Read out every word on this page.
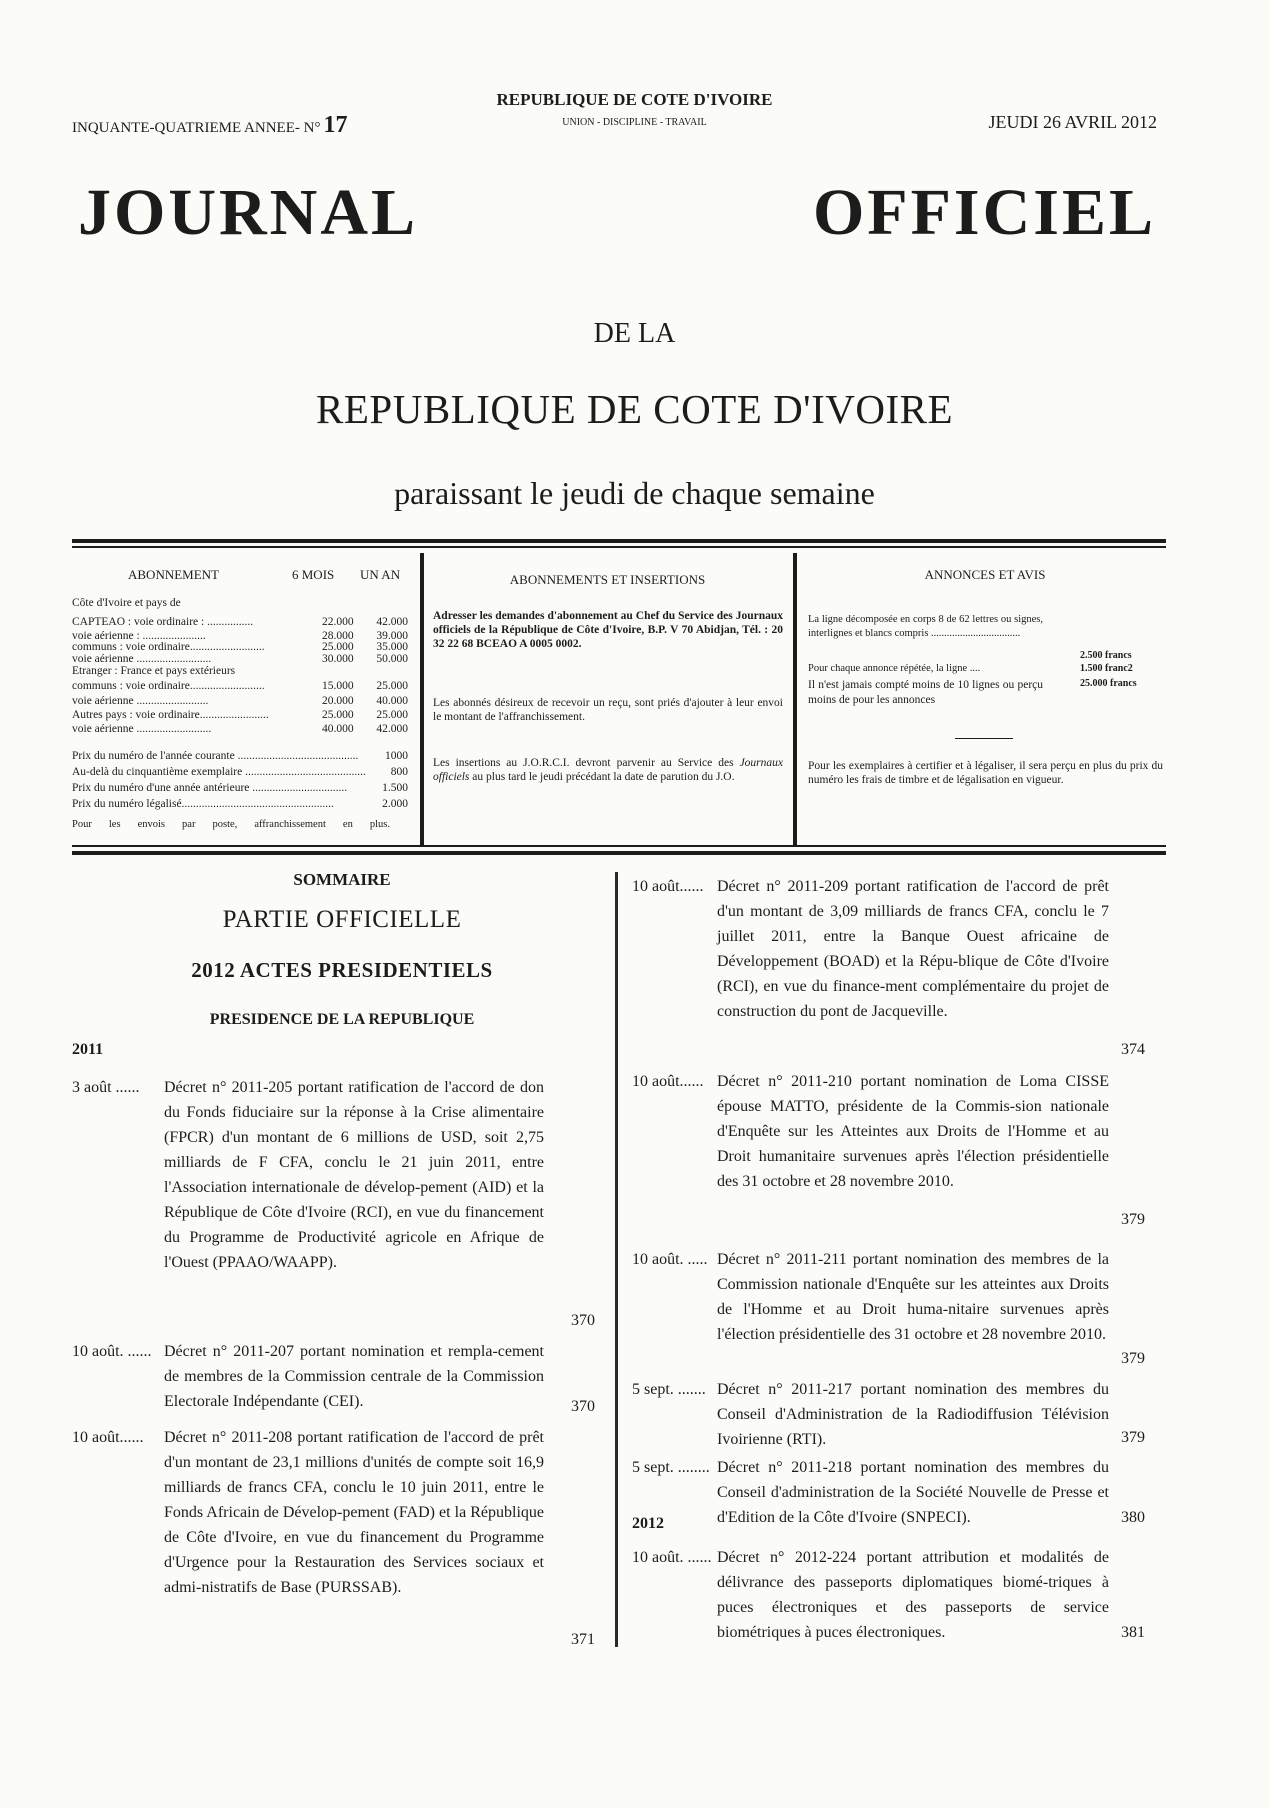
INQUANTE-QUATRIEME ANNEE- N° 17
REPUBLIQUE DE COTE D'IVOIRE
UNION - DISCIPLINE - TRAVAIL	JEUDI 26 AVRIL 2012
JOURNAL OFFICIEL
DE LA
REPUBLIQUE DE COTE D'IVOIRE
paraissant le jeudi de chaque semaine
ABONNEMENT	6 MOIS UN AN
Côte d'Ivoire et pays de
CAPTEAO : voie ordinaire : ................	22.000	42.000
voie aérienne : ......................	28.000	39.000
communs : voie ordinaire..........................	25.000	35.000
voie aérienne ..........................	30.000	50.000
Etranger : France et pays extérieurs
communs : voie ordinaire..........................	15.000	25.000
voie aérienne .........................	20.000	40.000
Autres pays : voie ordinaire........................	25.000	25.000
voie aérienne ..........................	40.000	42.000
Prix du numéro de l'année courante ..........................................	1000
Au-delà du cinquantième exemplaire ..........................................	800
Prix du numéro d'une année antérieure .................................	1.500
Prix du numéro légalisé.....................................................	2.000
Pour les envois par poste, affranchissement en plus.
ABONNEMENTS ET INSERTIONS
Adresser les demandes d'abonnement au Chef du Service des Journaux officiels de la République de Côte d'Ivoire, B.P. V 70 Abidjan, Tél. : 20 32 22 68 BCEAO A 0005 0002.
Les abonnés désireux de recevoir un reçu, sont priés d'ajouter à leur envoi le montant de l'affranchissement.
Les insertions au J.O.R.C.I. devront parvenir au Service des Journaux officiels au plus tard le jeudi précédant la date de parution du J.O.
ANNONCES ET AVIS
La ligne décomposée en corps 8 de 62 lettres ou signes, interlignes et blancs compris ..................................
2.500 francs
Pour chaque annonce répétée, la ligne ....	1.500 franc2
Il n'est jamais compté moins de 10 lignes ou perçu moins de pour les annonces
25.000 francs
Pour les exemplaires à certifier et à légaliser, il sera perçu en plus du prix du numéro les frais de timbre et de légalisation en vigueur.
SOMMAIRE
PARTIE OFFICIELLE
2012 ACTES PRESIDENTIELS
PRESIDENCE DE LA REPUBLIQUE
2011
2012
3 août ...... Décret n° 2011-205 portant ratification de l'accord de don du Fonds fiduciaire sur la réponse à la Crise alimentaire (FPCR) d'un montant de 6 millions de USD, soit 2,75 milliards de F CFA, conclu le 21 juin 2011, entre l'Association internationale de dévelop-pement (AID) et la République de Côte d'Ivoire (RCI), en vue du financement du Programme de Productivité agricole en Afrique de l'Ouest (PPAAO/WAAPP).
370
10 août. ...... Décret n° 2011-207 portant nomination et rempla-cement de membres de la Commission centrale de la Commission Electorale Indépendante (CEI).	370
10 août...... Décret n° 2011-208 portant ratification de l'accord de prêt d'un montant de 23,1 millions d'unités de compte soit 16,9 milliards de francs CFA, conclu le 10 juin 2011, entre le Fonds Africain de Dévelop-pement (FAD) et la République de Côte d'Ivoire, en vue du financement du Programme d'Urgence pour la Restauration des Services sociaux et admi-nistratifs de Base (PURSSAB).
371
10 août...... Décret n° 2011-209 portant ratification de l'accord de prêt d'un montant de 3,09 milliards de francs CFA, conclu le 7 juillet 2011, entre la Banque Ouest africaine de Développement (BOAD) et la Répu-blique de Côte d'Ivoire (RCI), en vue du finance-ment complémentaire du projet de construction du pont de Jacqueville.
374
10 août...... Décret n° 2011-210 portant nomination de Loma CISSE épouse MATTO, présidente de la Commis-sion nationale d'Enquête sur les Atteintes aux Droits de l'Homme et au Droit humanitaire survenues après l'élection présidentielle des 31 octobre et 28 novembre 2010.
379
10 août. ..... Décret n° 2011-211 portant nomination des membres de la Commission nationale d'Enquête sur les atteintes aux Droits de l'Homme et au Droit huma-nitaire survenues après l'élection présidentielle des 31 octobre et 28 novembre 2010.
379
5 sept. ....... Décret n° 2011-217 portant nomination des membres du Conseil d'Administration de la Radiodiffusion Télévision Ivoirienne (RTI).	379
5 sept. ........ Décret n° 2011-218 portant nomination des membres du Conseil d'administration de la Société Nouvelle de Presse et d'Edition de la Côte d'Ivoire (SNPECI).	380
10 août. ...... Décret n° 2012-224 portant attribution et modalités de délivrance des passeports diplomatiques biomé-triques à puces électroniques et des passeports de service biométriques à puces électroniques.	381
